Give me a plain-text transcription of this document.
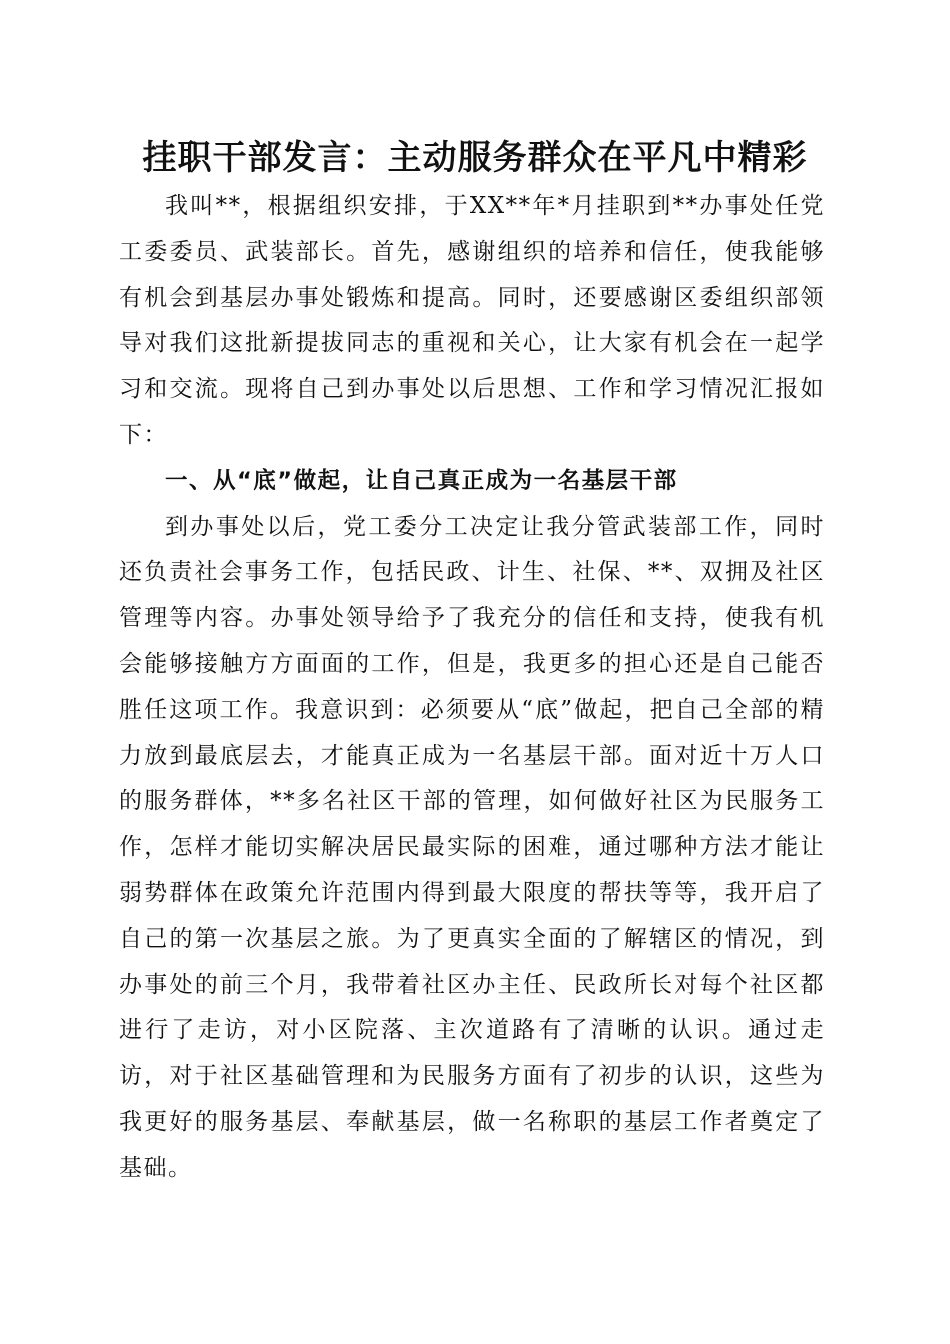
挂职干部发言：主动服务群众在平凡中精彩

我叫**，根据组织安排，于XX**年*月挂职到**办事处任党工委委员、武装部长。首先，感谢组织的培养和信任，使我能够有机会到基层办事处锻炼和提高。同时，还要感谢区委组织部领导对我们这批新提拔同志的重视和关心，让大家有机会在一起学习和交流。现将自己到办事处以后思想、工作和学习情况汇报如下：

一、从“底”做起，让自己真正成为一名基层干部

到办事处以后，党工委分工决定让我分管武装部工作，同时还负责社会事务工作，包括民政、计生、社保、**、双拥及社区管理等内容。办事处领导给予了我充分的信任和支持，使我有机会能够接触方方面面的工作，但是，我更多的担心还是自己能否胜任这项工作。我意识到：必须要从“底”做起，把自己全部的精力放到最底层去，才能真正成为一名基层干部。面对近十万人口的服务群体，**多名社区干部的管理，如何做好社区为民服务工作，怎样才能切实解决居民最实际的困难，通过哪种方法才能让弱势群体在政策允许范围内得到最大限度的帮扶等等，我开启了自己的第一次基层之旅。为了更真实全面的了解辖区的情况，到办事处的前三个月，我带着社区办主任、民政所长对每个社区都进行了走访，对小区院落、主次道路有了清晰的认识。通过走访，对于社区基础管理和为民服务方面有了初步的认识，这些为我更好的服务基层、奉献基层，做一名称职的基层工作者奠定了基础。
